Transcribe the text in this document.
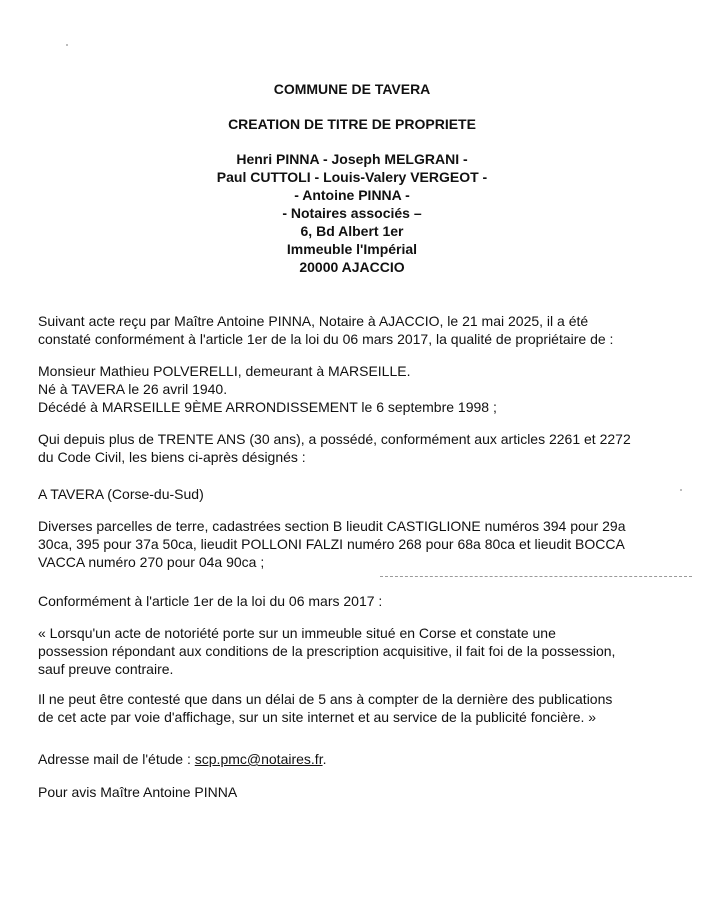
COMMUNE DE TAVERA
CREATION DE TITRE DE PROPRIETE
Henri PINNA - Joseph MELGRANI -
Paul CUTTOLI - Louis-Valery VERGEOT -
- Antoine PINNA -
- Notaires associés –
6, Bd Albert 1er
Immeuble l'Impérial
20000 AJACCIO
Suivant acte reçu par Maître Antoine PINNA, Notaire à AJACCIO, le 21 mai 2025, il a été
constaté conformément à l'article 1er de la loi du 06 mars 2017, la qualité de propriétaire de :
Monsieur Mathieu POLVERELLI, demeurant à MARSEILLE.
Né à TAVERA le 26 avril 1940.
Décédé à MARSEILLE 9ÈME ARRONDISSEMENT le 6 septembre 1998 ;
Qui depuis plus de TRENTE ANS (30 ans), a possédé, conformément aux articles 2261 et 2272
du Code Civil, les biens ci-après désignés :
A TAVERA (Corse-du-Sud)
Diverses parcelles de terre, cadastrées section B lieudit CASTIGLIONE numéros 394 pour 29a
30ca, 395 pour 37a 50ca, lieudit POLLONI FALZI numéro 268 pour 68a 80ca et lieudit BOCCA
VACCA numéro 270 pour 04a 90ca ;
Conformément à l'article 1er de la loi du 06 mars 2017 :
« Lorsqu'un acte de notoriété porte sur un immeuble situé en Corse et constate une
possession répondant aux conditions de la prescription acquisitive, il fait foi de la possession,
sauf preuve contraire.
Il ne peut être contesté que dans un délai de 5 ans à compter de la dernière des publications
de cet acte par voie d'affichage, sur un site internet et au service de la publicité foncière. »
Adresse mail de l'étude : scp.pmc@notaires.fr.
Pour avis Maître Antoine PINNA
